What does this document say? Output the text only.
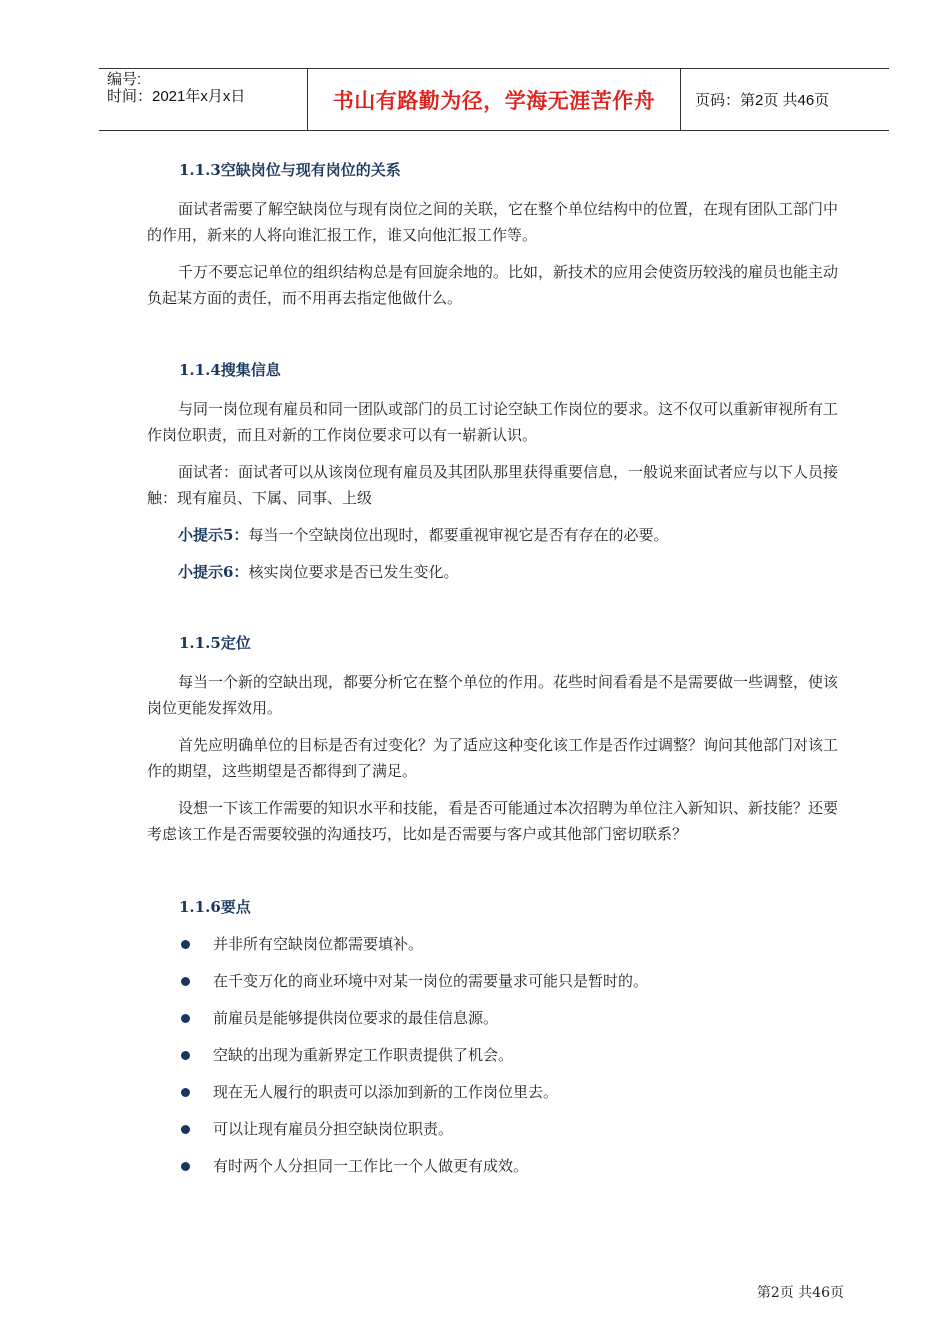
编号:
时间：2021年x月x日	书山有路勤为径，学海无涯苦作舟	页码：第2页 共46页

1.1.3空缺岗位与现有岗位的关系

面试者需要了解空缺岗位与现有岗位之间的关联，它在整个单位结构中的位置，在现有团队工部门中的作用，新来的人将向谁汇报工作，谁又向他汇报工作等。

千万不要忘记单位的组织结构总是有回旋余地的。比如，新技术的应用会使资历较浅的雇员也能主动负起某方面的责任，而不用再去指定他做什么。

1.1.4搜集信息

与同一岗位现有雇员和同一团队或部门的员工讨论空缺工作岗位的要求。这不仅可以重新审视所有工作岗位职责，而且对新的工作岗位要求可以有一崭新认识。

面试者：面试者可以从该岗位现有雇员及其团队那里获得重要信息，一般说来面试者应与以下人员接触：现有雇员、下属、同事、上级

小提示5：每当一个空缺岗位出现时，都要重视审视它是否有存在的必要。

小提示6：核实岗位要求是否已发生变化。

1.1.5定位

每当一个新的空缺出现，都要分析它在整个单位的作用。花些时间看看是不是需要做一些调整，使该岗位更能发挥效用。

首先应明确单位的目标是否有过变化？为了适应这种变化该工作是否作过调整？询问其他部门对该工作的期望，这些期望是否都得到了满足。

设想一下该工作需要的知识水平和技能，看是否可能通过本次招聘为单位注入新知识、新技能？还要考虑该工作是否需要较强的沟通技巧，比如是否需要与客户或其他部门密切联系？

1.1.6要点

并非所有空缺岗位都需要填补。
在千变万化的商业环境中对某一岗位的需要量求可能只是暂时的。
前雇员是能够提供岗位要求的最佳信息源。
空缺的出现为重新界定工作职责提供了机会。
现在无人履行的职责可以添加到新的工作岗位里去。
可以让现有雇员分担空缺岗位职责。
有时两个人分担同一工作比一个人做更有成效。
第2页 共46页
